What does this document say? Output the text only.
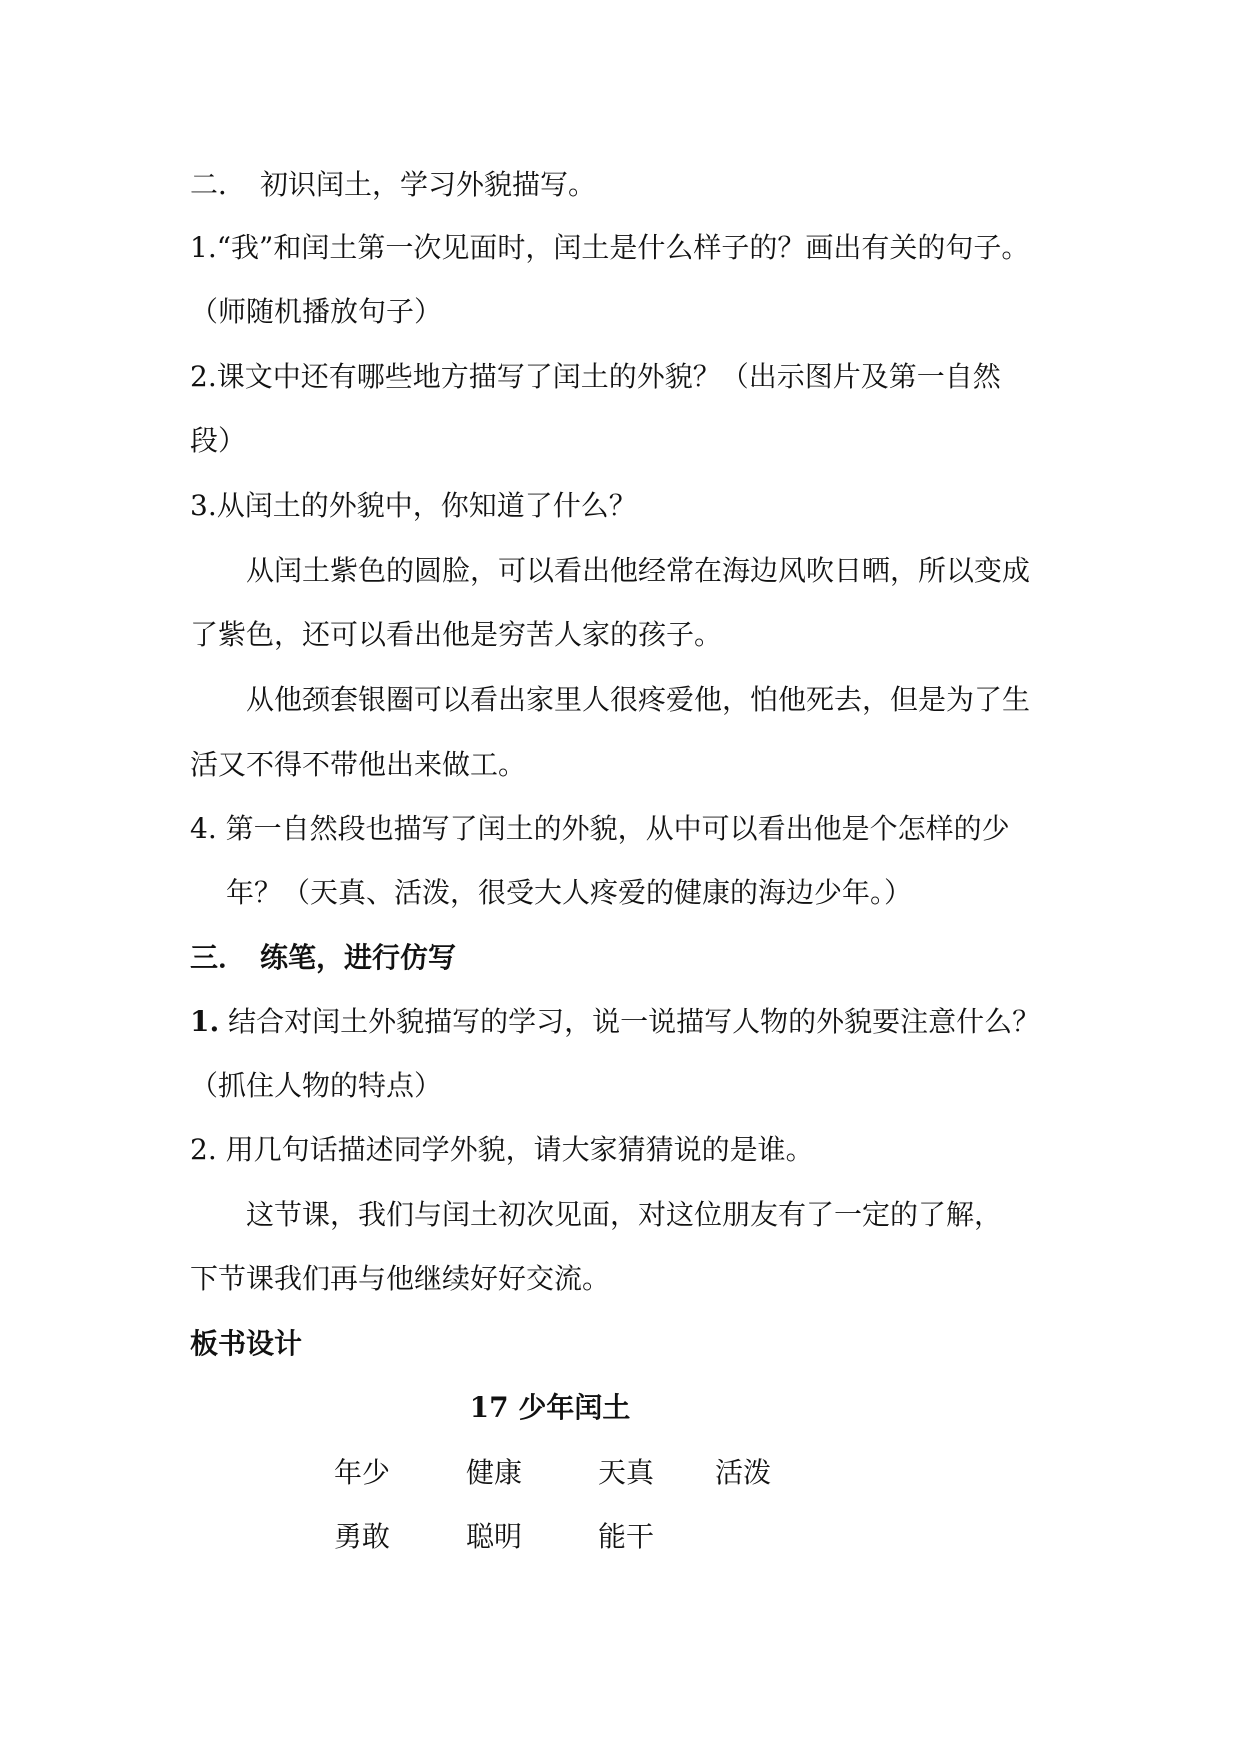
二．　初识闰土，学习外貌描写。
1.“我”和闰土第一次见面时，闰土是什么样子的？画出有关的句子。
（师随机播放句子）
2.课文中还有哪些地方描写了闰土的外貌？（出示图片及第一自然
段）
3.从闰土的外貌中，你知道了什么？
从闰土紫色的圆脸，可以看出他经常在海边风吹日晒，所以变成
了紫色，还可以看出他是穷苦人家的孩子。
从他颈套银圈可以看出家里人很疼爱他，怕他死去，但是为了生
活又不得不带他出来做工。
4. 第一自然段也描写了闰土的外貌，从中可以看出他是个怎样的少
年？（天真、活泼，很受大人疼爱的健康的海边少年。）
三．　练笔，进行仿写
1. 结合对闰土外貌描写的学习，说一说描写人物的外貌要注意什么？
（抓住人物的特点）
2. 用几句话描述同学外貌，请大家猜猜说的是谁。
这节课，我们与闰土初次见面，对这位朋友有了一定的了解，
下节课我们再与他继续好好交流。
板书设计
17 少年闰土
年少	健康	天真 活泼
勇敢	聪明	能干
